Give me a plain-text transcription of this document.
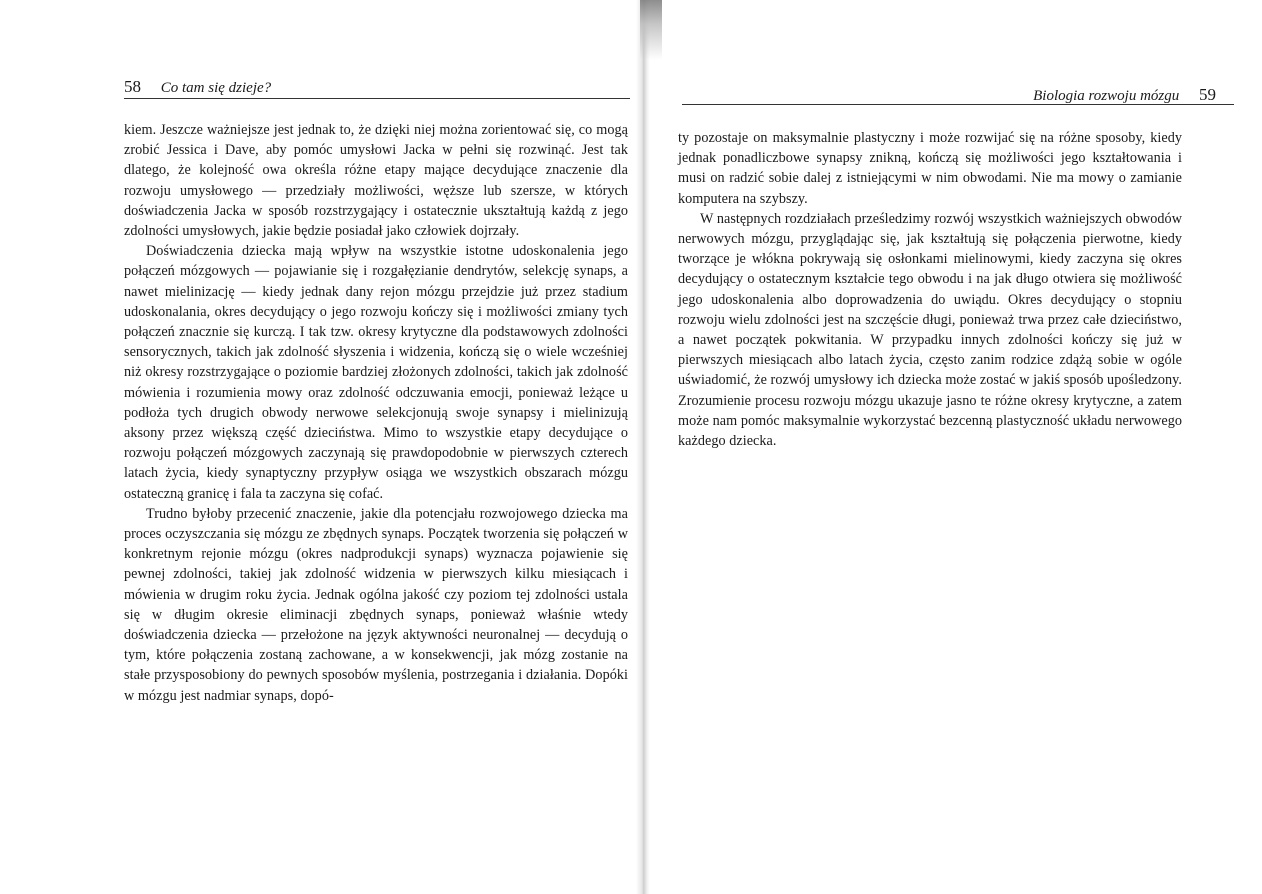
58 Co tam się dzieje?

kiem. Jeszcze ważniejsze jest jednak to, że dzięki niej można zorientować się, co mogą zrobić Jessica i Dave, aby pomóc umysłowi Jacka w pełni się rozwinąć. Jest tak dlatego, że kolejność owa określa różne etapy mające decydujące znaczenie dla rozwoju umysłowego — przedziały możliwości, węższe lub szersze, w których doświadczenia Jacka w sposób rozstrzygający i ostatecznie ukształtują każdą z jego zdolności umysłowych, jakie będzie posiadał jako człowiek dojrzały.

Doświadczenia dziecka mają wpływ na wszystkie istotne udoskonalenia jego połączeń mózgowych — pojawianie się i rozgałęzianie dendrytów, selekcję synaps, a nawet mielinizację — kiedy jednak dany rejon mózgu przejdzie już przez stadium udoskonalania, okres decydujący o jego rozwoju kończy się i możliwości zmiany tych połączeń znacznie się kurczą. I tak tzw. okresy krytyczne dla podstawowych zdolności sensorycznych, takich jak zdolność słyszenia i widzenia, kończą się o wiele wcześniej niż okresy rozstrzygające o poziomie bardziej złożonych zdolności, takich jak zdolność mówienia i rozumienia mowy oraz zdolność odczuwania emocji, ponieważ leżące u podłoża tych drugich obwody nerwowe selekcjonują swoje synapsy i mielinizują aksony przez większą część dzieciństwa. Mimo to wszystkie etapy decydujące o rozwoju połączeń mózgowych zaczynają się prawdopodobnie w pierwszych czterech latach życia, kiedy synaptyczny przypływ osiąga we wszystkich obszarach mózgu ostateczną granicę i fala ta zaczyna się cofać.

Trudno byłoby przecenić znaczenie, jakie dla potencjału rozwojowego dziecka ma proces oczyszczania się mózgu ze zbędnych synaps. Początek tworzenia się połączeń w konkretnym rejonie mózgu (okres nadprodukcji synaps) wyznacza pojawienie się pewnej zdolności, takiej jak zdolność widzenia w pierwszych kilku miesiącach i mówienia w drugim roku życia. Jednak ogólna jakość czy poziom tej zdolności ustala się w długim okresie eliminacji zbędnych synaps, ponieważ właśnie wtedy doświadczenia dziecka — przełożone na język aktywności neuronalnej — decydują o tym, które połączenia zostaną zachowane, a w konsekwencji, jak mózg zostanie na stałe przysposobiony do pewnych sposobów myślenia, postrzegania i działania. Dopóki w mózgu jest nadmiar synaps, dopó-

Biologia rozwoju mózgu 59

ty pozostaje on maksymalnie plastyczny i może rozwijać się na różne sposoby, kiedy jednak ponadliczbowe synapsy znikną, kończą się możliwości jego kształtowania i musi on radzić sobie dalej z istniejącymi w nim obwodami. Nie ma mowy o zamianie komputera na szybszy.

W następnych rozdziałach prześledzimy rozwój wszystkich ważniejszych obwodów nerwowych mózgu, przyglądając się, jak kształtują się połączenia pierwotne, kiedy tworzące je włókna pokrywają się osłonkami mielinowymi, kiedy zaczyna się okres decydujący o ostatecznym kształcie tego obwodu i na jak długo otwiera się możliwość jego udoskonalenia albo doprowadzenia do uwiądu. Okres decydujący o stopniu rozwoju wielu zdolności jest na szczęście długi, ponieważ trwa przez całe dzieciństwo, a nawet początek pokwitania. W przypadku innych zdolności kończy się już w pierwszych miesiącach albo latach życia, często zanim rodzice zdążą sobie w ogóle uświadomić, że rozwój umysłowy ich dziecka może zostać w jakiś sposób upośledzony. Zrozumienie procesu rozwoju mózgu ukazuje jasno te różne okresy krytyczne, a zatem może nam pomóc maksymalnie wykorzystać bezcenną plastyczność układu nerwowego każdego dziecka.
